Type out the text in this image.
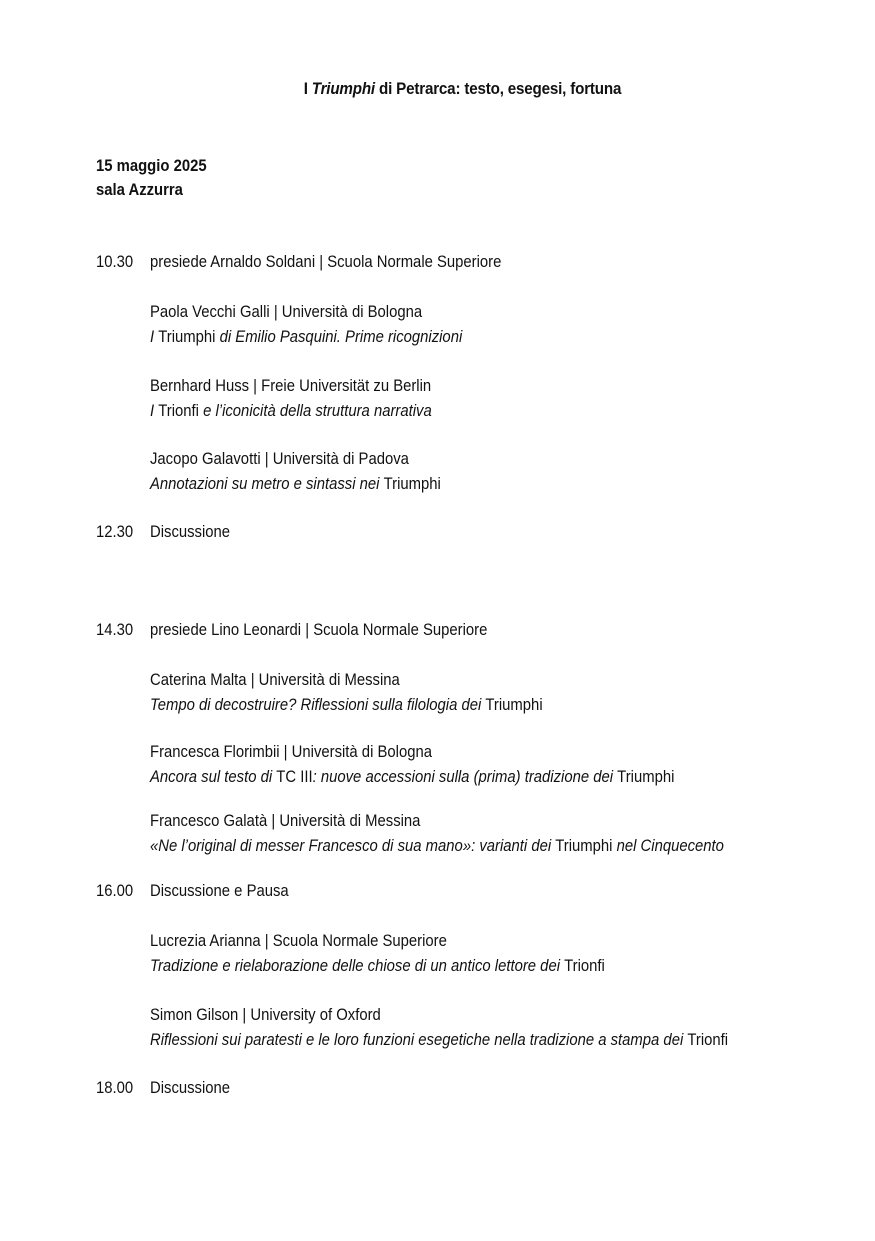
I Triumphi di Petrarca: testo, esegesi, fortuna
15 maggio 2025
sala Azzurra
10.30 presiede Arnaldo Soldani | Scuola Normale Superiore
Paola Vecchi Galli | Università di Bologna
I Triumphi di Emilio Pasquini. Prime ricognizioni
Bernhard Huss | Freie Universität zu Berlin
I Trionfi e l’iconicità della struttura narrativa
Jacopo Galavotti | Università di Padova
Annotazioni su metro e sintassi nei Triumphi
12.30 Discussione
14.30 presiede Lino Leonardi | Scuola Normale Superiore
Caterina Malta | Università di Messina
Tempo di decostruire? Riflessioni sulla filologia dei Triumphi
Francesca Florimbii | Università di Bologna
Ancora sul testo di TC III: nuove accessioni sulla (prima) tradizione dei Triumphi
Francesco Galatà | Università di Messina
«Ne l’original di messer Francesco di sua mano»: varianti dei Triumphi nel Cinquecento
16.00 Discussione e Pausa
Lucrezia Arianna | Scuola Normale Superiore
Tradizione e rielaborazione delle chiose di un antico lettore dei Trionfi
Simon Gilson | University of Oxford
Riflessioni sui paratesti e le loro funzioni esegetiche nella tradizione a stampa dei Trionfi
18.00 Discussione
